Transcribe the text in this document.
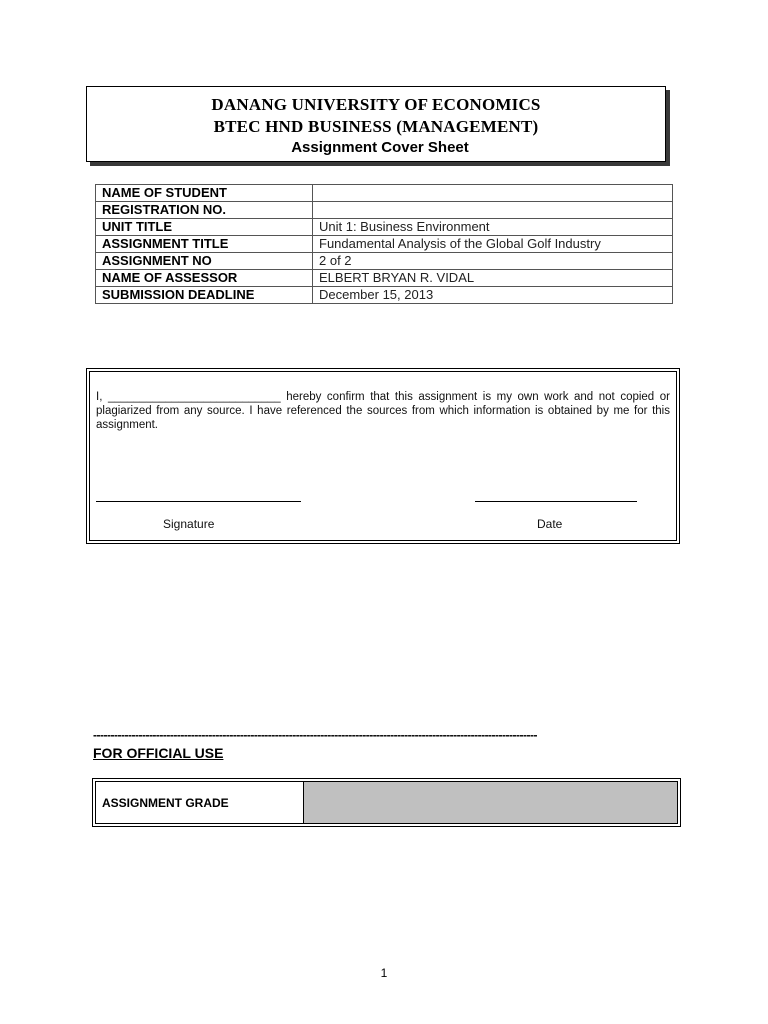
DANANG UNIVERSITY OF ECONOMICS
BTEC HND BUSINESS (MANAGEMENT)
Assignment Cover Sheet
NAME OF STUDENT	
REGISTRATION NO.	
UNIT TITLE	Unit 1: Business Environment
ASSIGNMENT TITLE	Fundamental Analysis of the Global Golf Industry
ASSIGNMENT NO	2 of 2
NAME OF ASSESSOR	ELBERT BRYAN R. VIDAL
SUBMISSION DEADLINE	December 15, 2013
I, ___________________________ hereby confirm that this assignment is my own work and not copied or plagiarized from any source. I have referenced the sources from which information is obtained by me for this assignment.
Signature	Date
-------------------------------------------------------------------------------------------------------------------------------
FOR OFFICIAL USE
ASSIGNMENT GRADE
1
